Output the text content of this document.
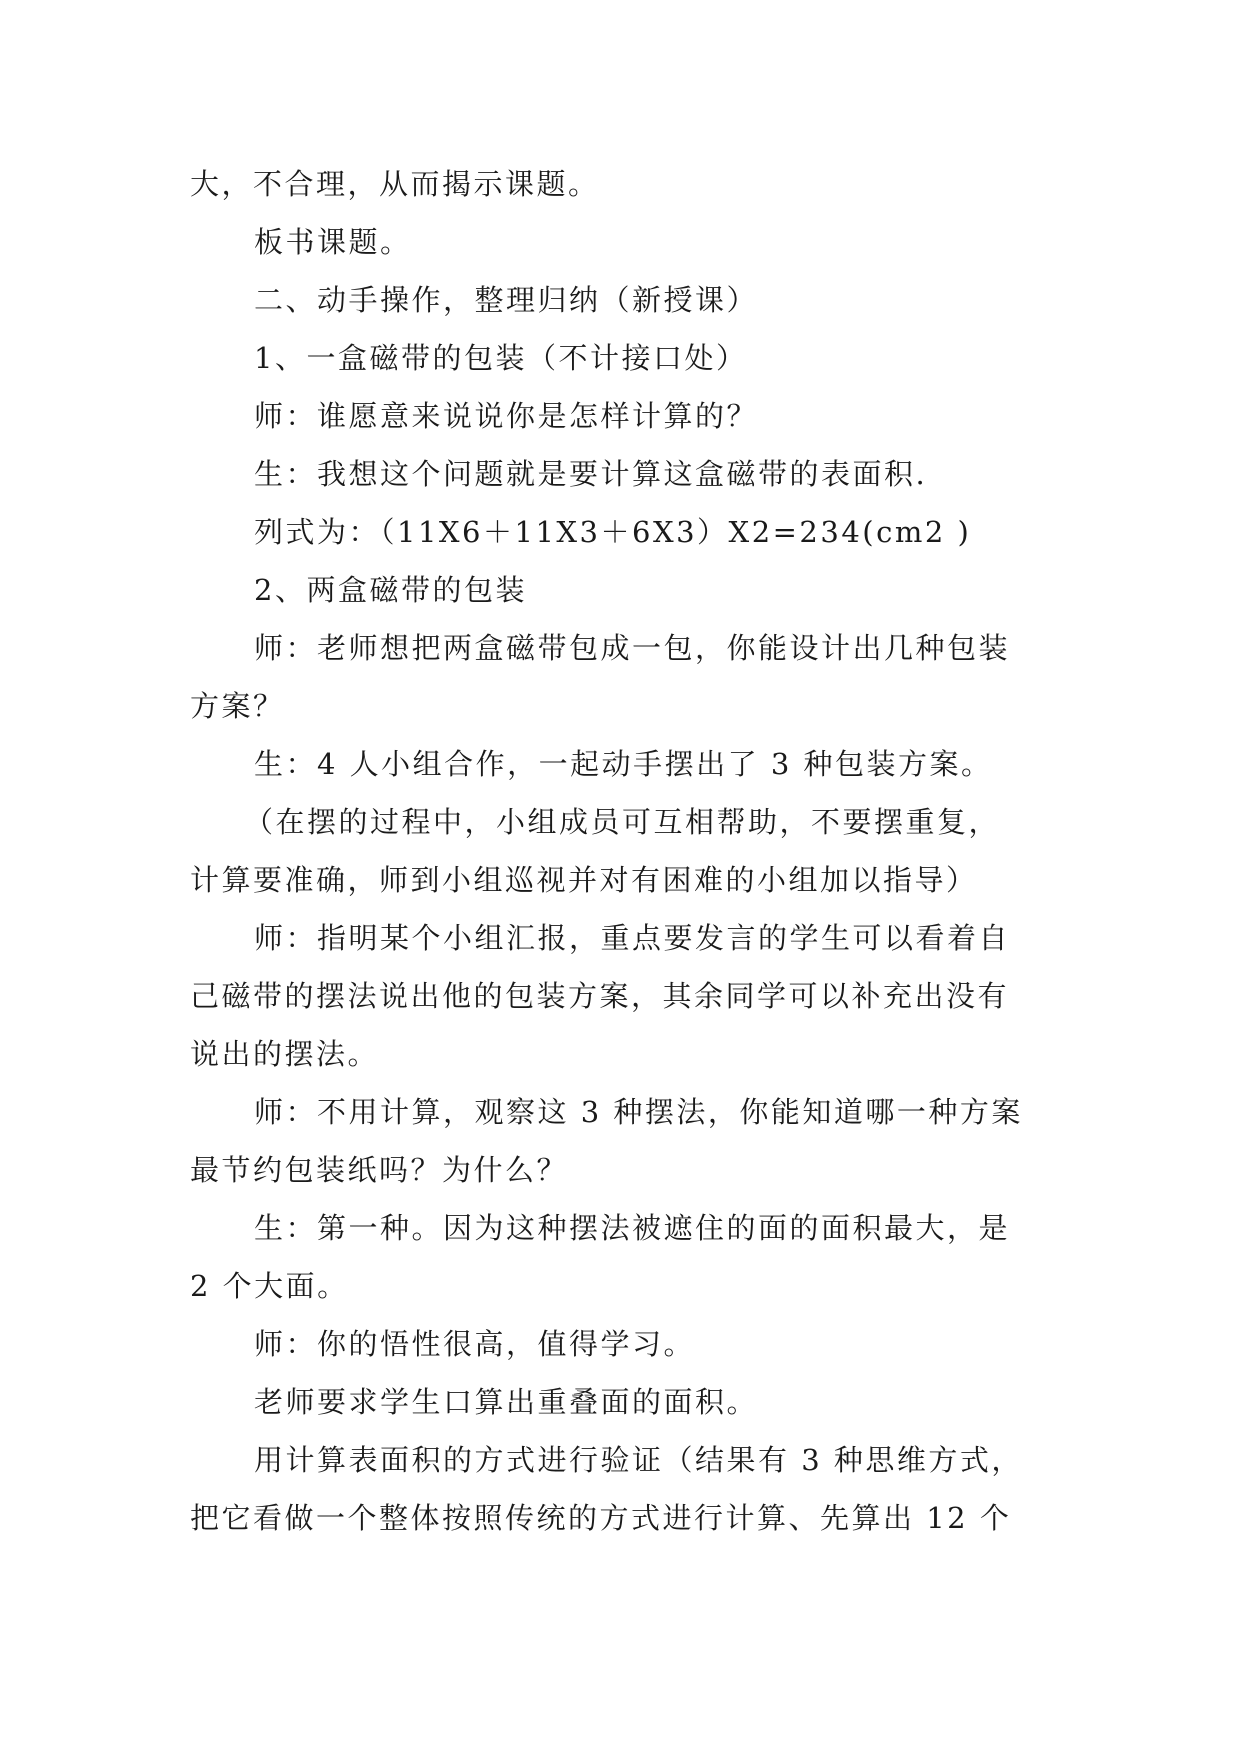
大，不合理，从而揭示课题。

板书课题。

二、动手操作，整理归纳（新授课）

1、一盒磁带的包装（不计接口处）

师：谁愿意来说说你是怎样计算的？

生：我想这个问题就是要计算这盒磁带的表面积.

列式为：（11X6＋11X3＋6X3）X2=234(cm2 )

2、两盒磁带的包装

师：老师想把两盒磁带包成一包，你能设计出几种包装

方案？

生：4 人小组合作，一起动手摆出了 3 种包装方案。

（在摆的过程中，小组成员可互相帮助，不要摆重复，

计算要准确，师到小组巡视并对有困难的小组加以指导）

师：指明某个小组汇报，重点要发言的学生可以看着自

己磁带的摆法说出他的包装方案，其余同学可以补充出没有

说出的摆法。

师：不用计算，观察这 3 种摆法，你能知道哪一种方案

最节约包装纸吗？为什么？

生：第一种。因为这种摆法被遮住的面的面积最大，是

2 个大面。

师：你的悟性很高，值得学习。

老师要求学生口算出重叠面的面积。

用计算表面积的方式进行验证（结果有 3 种思维方式，

把它看做一个整体按照传统的方式进行计算、先算出 12 个
